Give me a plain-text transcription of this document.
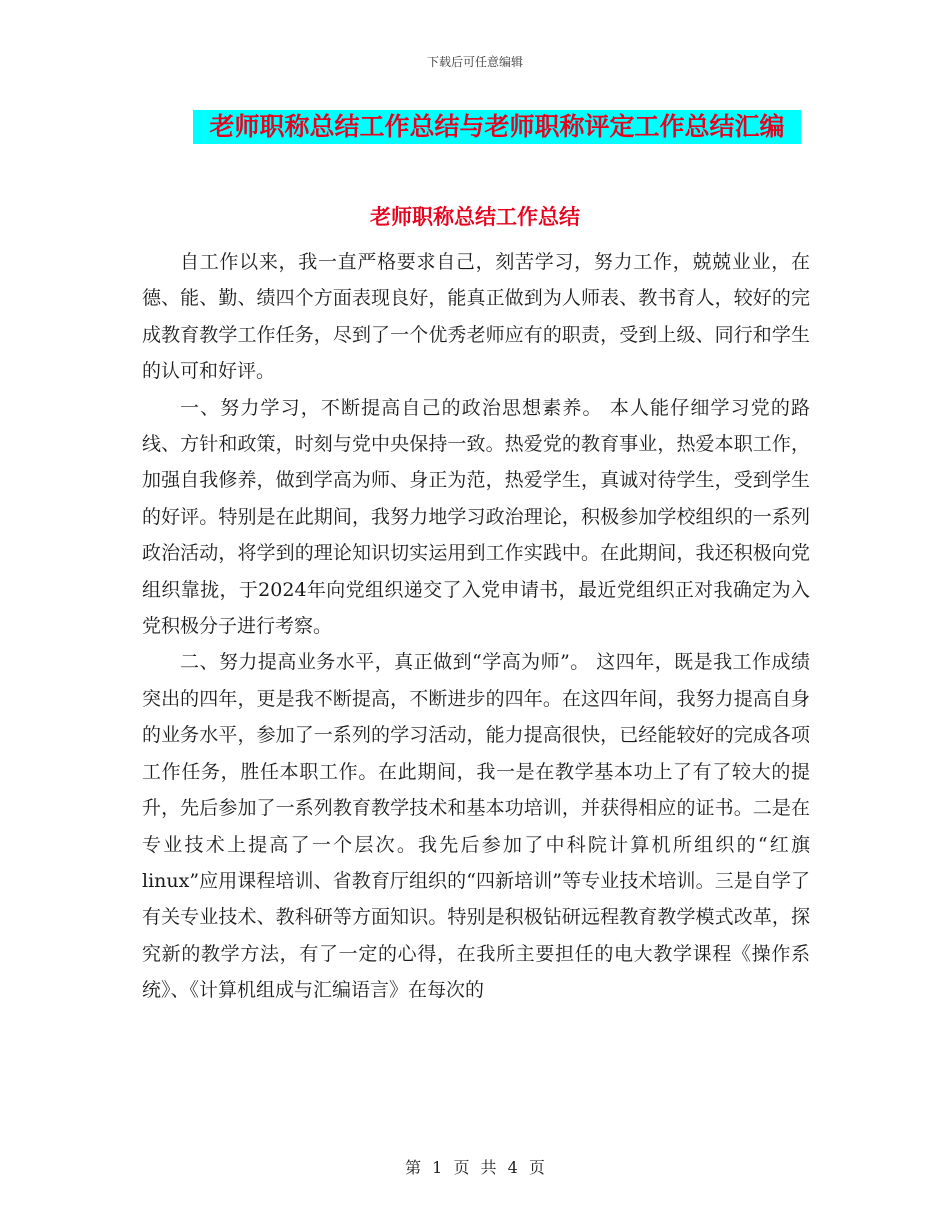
下载后可任意编辑
老师职称总结工作总结与老师职称评定工作总结汇编
老师职称总结工作总结

自工作以来，我一直严格要求自己，刻苦学习，努力工作，兢兢业业，在德、能、勤、绩四个方面表现良好，能真正做到为人师表、教书育人，较好的完成教育教学工作任务，尽到了一个优秀老师应有的职责，受到上级、同行和学生的认可和好评。

一、努力学习，不断提高自己的政治思想素养。 本人能仔细学习党的路线、方针和政策，时刻与党中央保持一致。热爱党的教育事业，热爱本职工作，加强自我修养，做到学高为师、身正为范，热爱学生，真诚对待学生，受到学生的好评。特别是在此期间，我努力地学习政治理论，积极参加学校组织的一系列政治活动，将学到的理论知识切实运用到工作实践中。在此期间，我还积极向党组织靠拢，于2024年向党组织递交了入党申请书，最近党组织正对我确定为入党积极分子进行考察。

二、努力提高业务水平，真正做到“学高为师”。 这四年，既是我工作成绩突出的四年，更是我不断提高，不断进步的四年。在这四年间，我努力提高自身的业务水平，参加了一系列的学习活动，能力提高很快，已经能较好的完成各项工作任务，胜任本职工作。在此期间，我一是在教学基本功上了有了较大的提升，先后参加了一系列教育教学技术和基本功培训，并获得相应的证书。二是在专业技术上提高了一个层次。我先后参加了中科院计算机所组织的“红旗linux”应用课程培训、省教育厅组织的“四新培训”等专业技术培训。三是自学了有关专业技术、教科研等方面知识。特别是积极钻研远程教育教学模式改革，探究新的教学方法，有了一定的心得，在我所主要担任的电大教学课程《操作系统》、《计算机组成与汇编语言》在每次的

第 1 页 共 4 页
